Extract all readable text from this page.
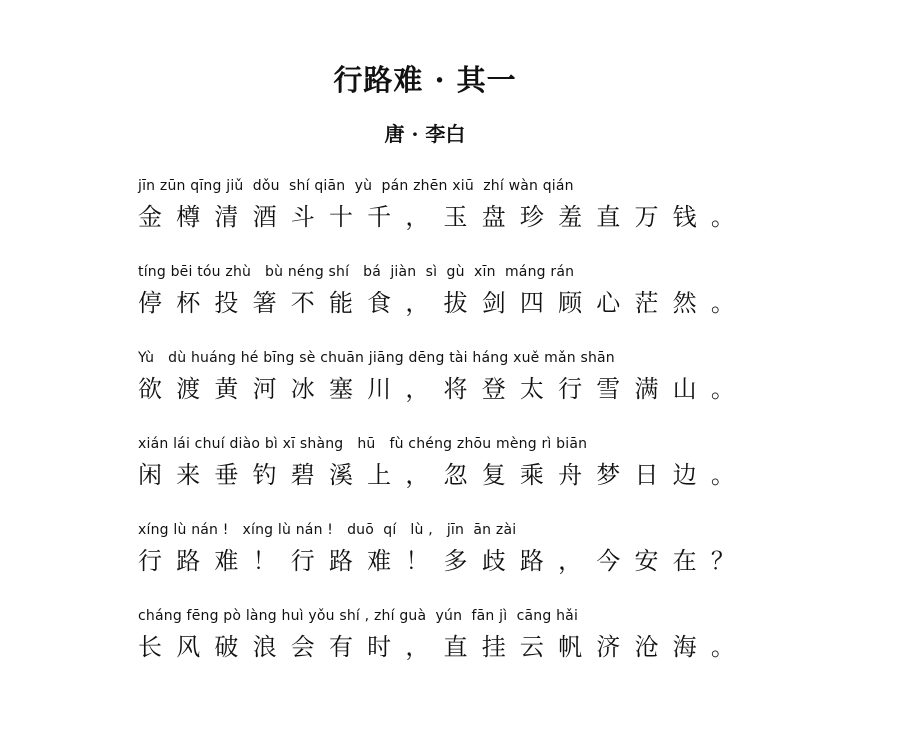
行路难 · 其一
唐 · 李白
jīn zūn qīng jiǔ  dǒu  shí qiān  yù  pán zhēn xiū  zhí wàn qián
金 樽 清 酒 斗 十 千 ， 玉 盘 珍 羞 直 万 钱 。
tíng bēi tóu zhù   bù néng shí   bá  jiàn  sì  gù  xīn  máng rán
停 杯 投 箸 不 能 食 ， 拔 剑 四 顾 心 茫 然 。
Yù   dù huáng hé bīng sè chuān jiāng dēng tài háng xuě mǎn shān
欲 渡 黄 河 冰 塞 川 ， 将 登 太 行 雪 满 山 。
xián lái chuí diào bì xī shàng   hū   fù chéng zhōu mèng rì biān
闲 来 垂 钓 碧 溪 上 ， 忽 复 乘 舟 梦 日 边 。
xíng lù nán !   xíng lù nán !   duō  qí   lù ,   jīn  ān zài
行 路 难 ！ 行 路 难 ！ 多 歧 路 ， 今 安 在 ？
cháng fēng pò làng huì yǒu shí , zhí guà  yún  fān jì  cāng hǎi
长 风 破 浪 会 有 时 ， 直 挂 云 帆 济 沧 海 。
